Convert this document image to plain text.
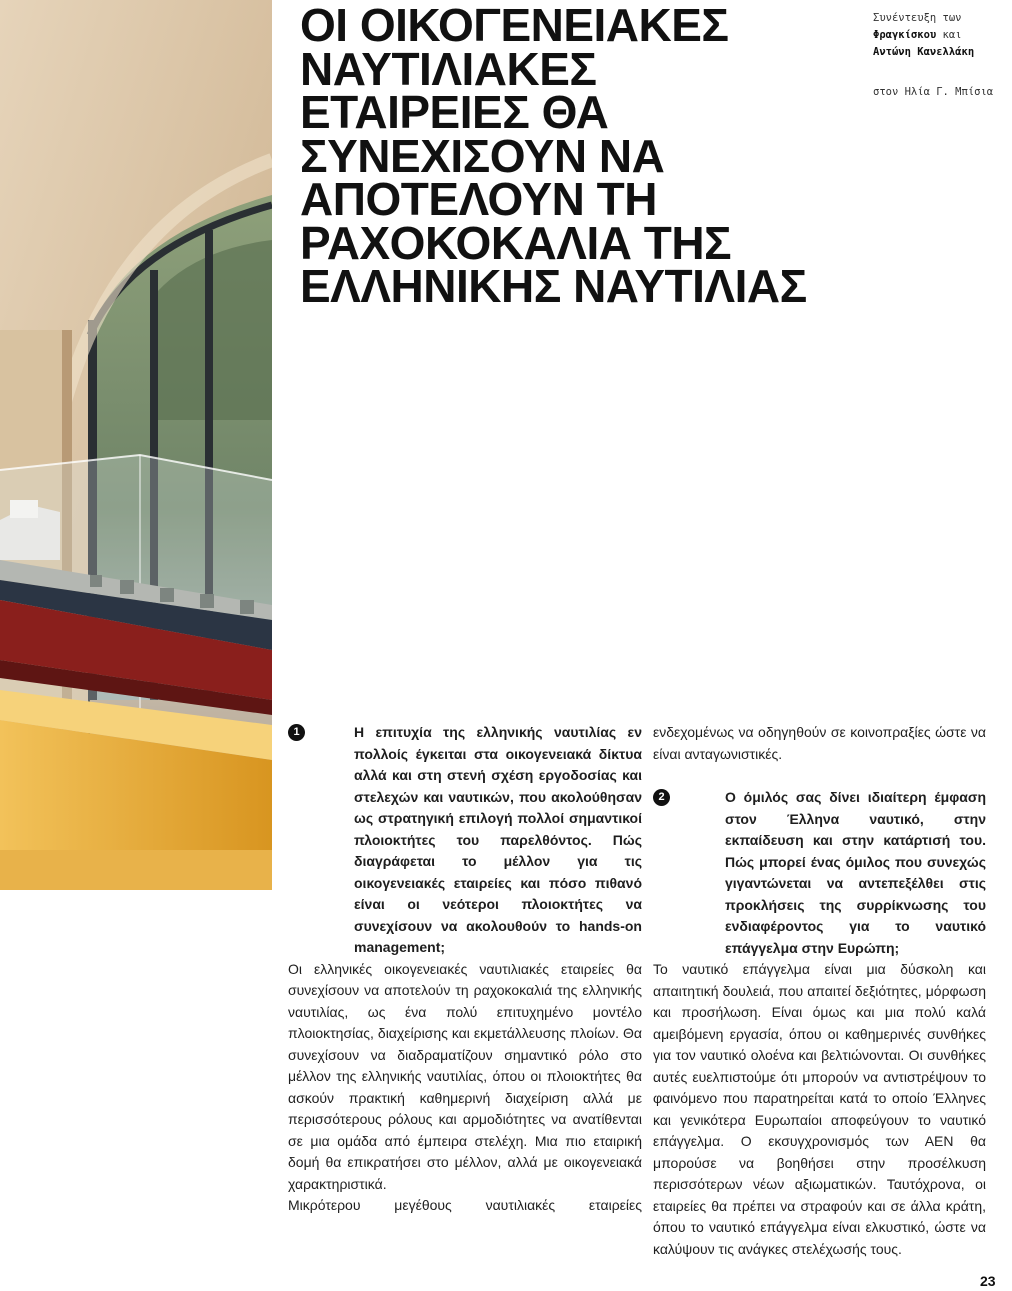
ΟΙ ΟΙΚΟΓΕΝΕΙΑΚΕΣ
ΝΑΥΤΙΛΙΑΚΕΣ
ΕΤΑΙΡΕΙΕΣ ΘΑ
ΣΥΝΕΧΙΣΟΥΝ ΝΑ
ΑΠΟΤΕΛΟΥΝ ΤΗ
ΡΑΧΟΚΟΚΑΛΙΑ ΤΗΣ
ΕΛΛΗΝΙΚΗΣ ΝΑΥΤΙΛΙΑΣ
Συνέντευξη των
Φραγκίσκου και
Αντώνη Κανελλάκη
στον Ηλία Γ. Μπίσια
1	Η επιτυχία της ελληνικής ναυτιλίας εν πολλοίς έγκειται στα οικογενειακά δίκτυα αλλά και στη στενή σχέση εργοδοσίας και στελεχών και ναυτικών, που ακολούθησαν ως στρατηγική επιλογή πολλοί σημαντικοί πλοιοκτήτες του παρελθόντος. Πώς διαγράφεται το μέλλον για τις οικογενειακές εταιρείες και πόσο πιθανό είναι οι νεότεροι πλοιοκτήτες να συνεχίσουν να ακολουθούν το hands-on management;

Οι ελληνικές οικογενειακές ναυτιλιακές εταιρείες θα συνεχίσουν να αποτελούν τη ραχοκοκαλιά της ελληνικής ναυτιλίας, ως ένα πολύ επιτυχημένο μοντέλο πλοιοκτησίας, διαχείρισης και εκμετάλλευσης πλοίων. Θα συνεχίσουν να διαδραματίζουν σημαντικό ρόλο στο μέλλον της ελληνικής ναυτιλίας, όπου οι πλοιοκτήτες θα ασκούν πρακτική καθημερινή διαχείριση αλλά με περισσότερους ρόλους και αρμοδιότητες να ανατίθενται σε μια ομάδα από έμπειρα στελέχη. Μια πιο εταιρική δομή θα επικρατήσει στο μέλλον, αλλά με οικογενειακά χαρακτηριστικά.

Μικρότερου μεγέθους ναυτιλιακές εταιρείες

ενδεχομένως να οδηγηθούν σε κοινοπραξίες ώστε να είναι ανταγωνιστικές.

2	Ο όμιλός σας δίνει ιδιαίτερη έμφαση στον Έλληνα ναυτικό, στην εκπαίδευση και στην κατάρτισή του. Πώς μπορεί ένας όμιλος που συνεχώς γιγαντώνεται να αντεπεξέλθει στις προκλήσεις της συρρίκνωσης του ενδιαφέροντος για το ναυτικό επάγγελμα στην Ευρώπη;

Το ναυτικό επάγγελμα είναι μια δύσκολη και απαιτητική δουλειά, που απαιτεί δεξιότητες, μόρφωση και προσήλωση. Είναι όμως και μια πολύ καλά αμειβόμενη εργασία, όπου οι καθημερινές συνθήκες για τον ναυτικό ολοένα και βελτιώνονται. Οι συνθήκες αυτές ευελπιστούμε ότι μπορούν να αντιστρέψουν το φαινόμενο που παρατηρείται κατά το οποίο Έλληνες και γενικότερα Ευρωπαίοι αποφεύγουν το ναυτικό επάγγελμα. Ο εκσυγχρονισμός των ΑΕΝ θα μπορούσε να βοηθήσει στην προσέλκυση περισσότερων νέων αξιωματικών. Ταυτόχρονα, οι εταιρείες θα πρέπει να στραφούν και σε άλλα κράτη, όπου το ναυτικό επάγγελμα είναι ελκυστικό, ώστε να καλύψουν τις ανάγκες στελέχωσής τους.

23
